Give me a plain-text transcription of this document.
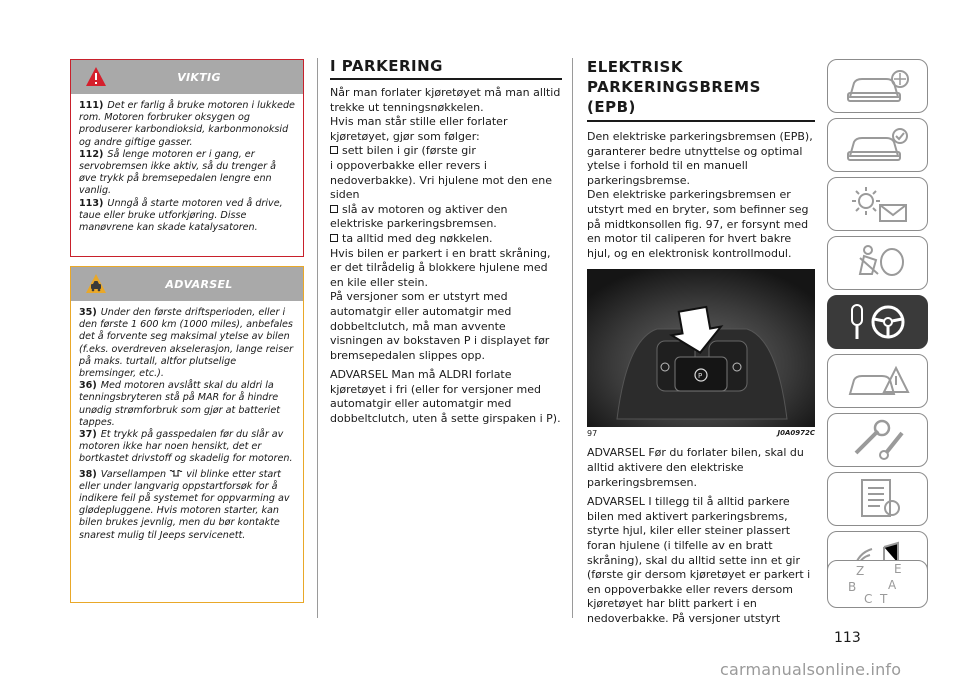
VIKTIG

111) Det er farlig å bruke motoren i lukkede rom. Motoren forbruker oksygen og produserer karbondioksid, karbonmonoksid og andre giftige gasser.

112) Så lenge motoren er i gang, er servobremsen ikke aktiv, så du trenger å øve trykk på bremsepedalen lengre enn vanlig.

113) Unngå å starte motoren ved å drive, taue eller bruke utforkjøring. Disse manøvrene kan skade katalysatoren.

ADVARSEL

35) Under den første driftsperioden, eller i den første 1 600 km (1000 miles), anbefales det å forvente seg maksimal ytelse av bilen (f.eks. overdreven akselerasjon, lange reiser på maks. turtall, altfor plutselige bremsinger, etc.).

36) Med motoren avslått skal du aldri la tenningsbryteren stå på MAR for å hindre unødig strømforbruk som gjør at batteriet tappes.

37) Et trykk på gasspedalen før du slår av motoren ikke har noen hensikt, det er bortkastet drivstoff og skadelig for motoren.

38) Varsellampen vil blinke etter start eller under langvarig oppstartforsøk for å indikere feil på systemet for oppvarming av glødepluggene. Hvis motoren starter, kan bilen brukes jevnlig, men du bør kontakte snarest mulig til Jeeps servicenett.

I PARKERING

Når man forlater kjøretøyet må man alltid trekke ut tenningsnøkkelen.

Hvis man står stille eller forlater kjøretøyet, gjør som følger:

sett bilen i gir (første gir

i oppoverbakke eller revers i nedoverbakke). Vri hjulene mot den ene siden

slå av motoren og aktiver den

elektriske parkeringsbremsen.

ta alltid med deg nøkkelen.

Hvis bilen er parkert i en bratt skråning, er det tilrådelig å blokkere hjulene med en kile eller stein.

På versjoner som er utstyrt med automatgir eller automatgir med dobbeltclutch, må man avvente visningen av bokstaven P i displayet før bremsepedalen slippes opp.

ADVARSEL Man må ALDRI forlate kjøretøyet i fri (eller for versjoner med automatgir eller automatgir med dobbeltclutch, uten å sette girspaken i P).

ELEKTRISK
PARKERINGSBREMS (EPB)

Den elektriske parkeringsbremsen (EPB), garanterer bedre utnyttelse og optimal ytelse i forhold til en manuell parkeringsbremse.

Den elektriske parkeringsbremsen er utstyrt med en bryter, som befinner seg på midtkonsollen fig. 97, er forsynt med en motor til caliperen for hvert bakre hjul, og en elektronisk kontrollmodul.

P
97	J0A0972C

ADVARSEL Før du forlater bilen, skal du alltid aktivere den elektriske parkeringsbremsen.

ADVARSEL I tillegg til å alltid parkere bilen med aktivert parkeringsbrems, styrte hjul, kiler eller steiner plassert foran hjulene (i tilfelle av en bratt skråning), skal du alltid sette inn et gir (første gir dersom kjøretøyet er parkert i en oppoverbakke eller revers dersom kjøretøyet har blitt parkert i en nedoverbakke. På versjoner utstyrt

Z E
B	A
C T
113
carmanualsonline.info
